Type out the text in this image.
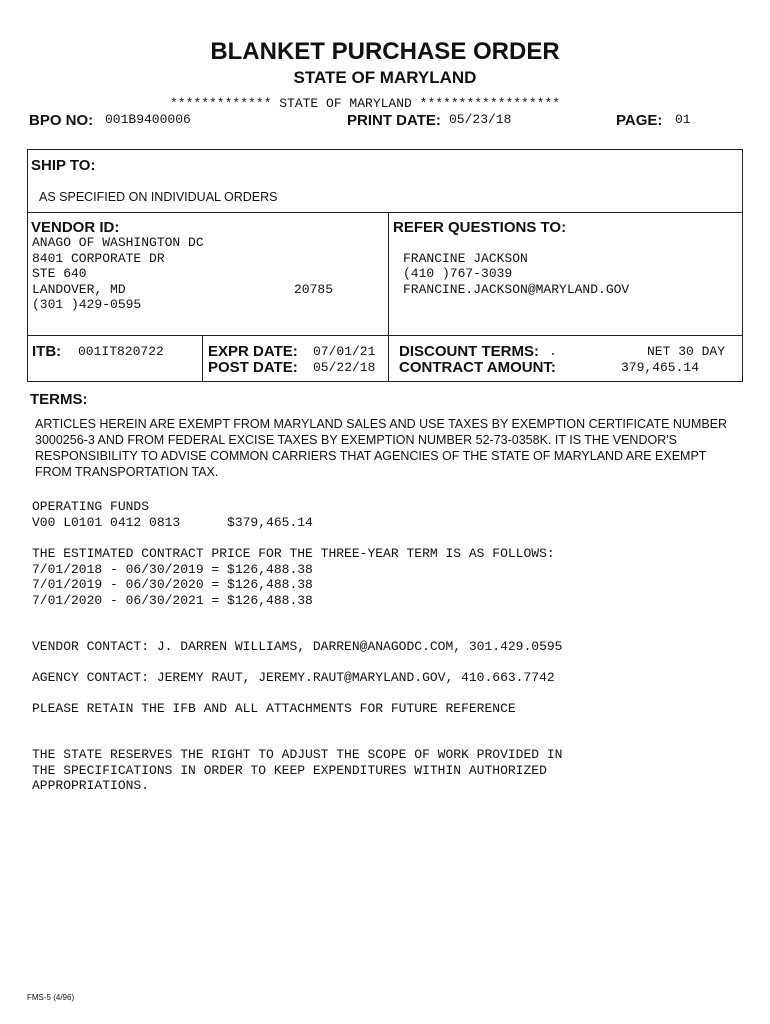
BLANKET PURCHASE ORDER
STATE OF MARYLAND
************* STATE OF MARYLAND ******************
BPO NO: 001B9400006	PRINT DATE: 05/23/18	PAGE: 01
SHIP TO:
AS SPECIFIED ON INDIVIDUAL ORDERS
VENDOR ID:
ANAGO OF WASHINGTON DC
8401 CORPORATE DR
STE 640
LANDOVER, MD	20785
(301 )429-0595
REFER QUESTIONS TO:
FRANCINE JACKSON
(410 )767-3039
FRANCINE.JACKSON@MARYLAND.GOV
ITB: 001IT820722	EXPR DATE: 07/01/21
POST DATE: 05/22/18
DISCOUNT TERMS: .	NET 30 DAY
CONTRACT AMOUNT:	379,465.14
TERMS:
ARTICLES HEREIN ARE EXEMPT FROM MARYLAND SALES AND USE TAXES BY EXEMPTION CERTIFICATE NUMBER 3000256-3 AND FROM FEDERAL EXCISE TAXES BY EXEMPTION NUMBER 52-73-0358K. IT IS THE VENDOR'S RESPONSIBILITY TO ADVISE COMMON CARRIERS THAT AGENCIES OF THE STATE OF MARYLAND ARE EXEMPT FROM TRANSPORTATION TAX.
OPERATING FUNDS
V00 L0101 0412 0813      $379,465.14
THE ESTIMATED CONTRACT PRICE FOR THE THREE-YEAR TERM IS AS FOLLOWS:
7/01/2018 - 06/30/2019 = $126,488.38
7/01/2019 - 06/30/2020 = $126,488.38
7/01/2020 - 06/30/2021 = $126,488.38
VENDOR CONTACT: J. DARREN WILLIAMS, DARREN@ANAGODC.COM, 301.429.0595
AGENCY CONTACT: JEREMY RAUT, JEREMY.RAUT@MARYLAND.GOV, 410.663.7742
PLEASE RETAIN THE IFB AND ALL ATTACHMENTS FOR FUTURE REFERENCE
THE STATE RESERVES THE RIGHT TO ADJUST THE SCOPE OF WORK PROVIDED IN
THE SPECIFICATIONS IN ORDER TO KEEP EXPENDITURES WITHIN AUTHORIZED
APPROPRIATIONS.
FMS-5 (4/96)
